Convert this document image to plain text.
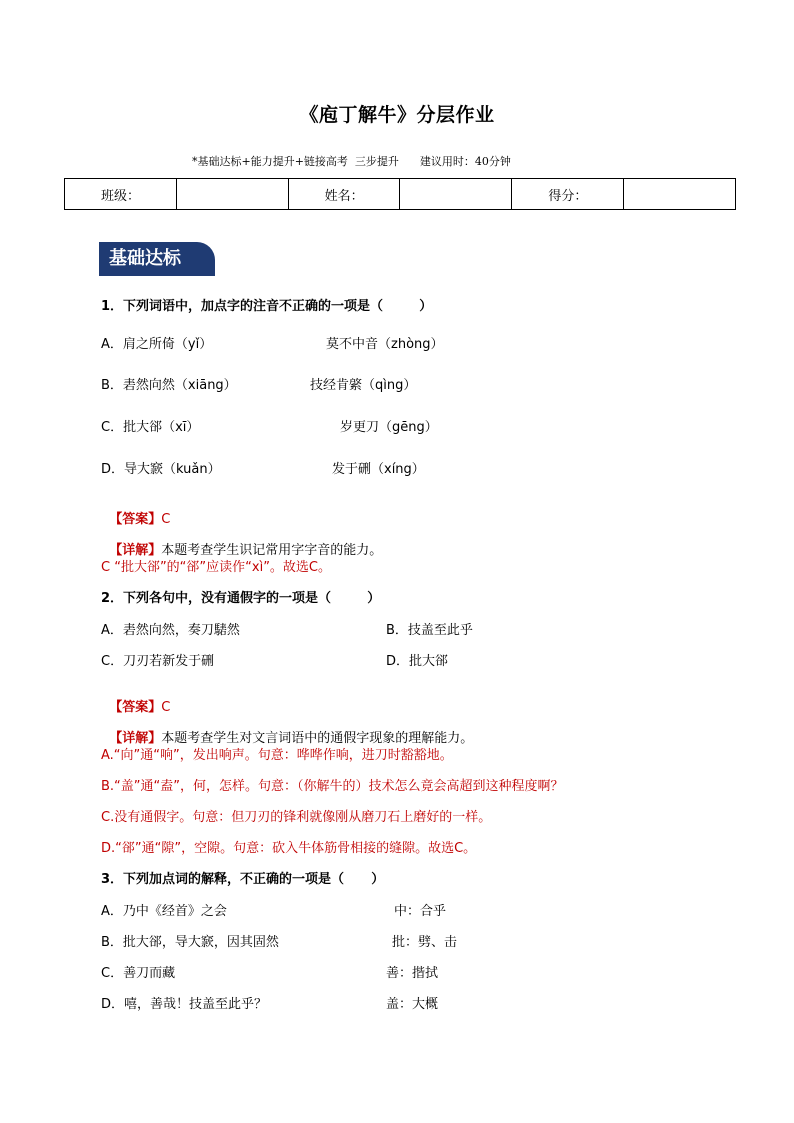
《庖丁解牛》分层作业
*基础达标+能力提升+链接高考  三步提升      建议用时：40分钟
班级：		姓名：		得分：	
基础达标
1．下列词语中，加点字的注音不正确的一项是（        ）
A．肩之所倚（yǐ）	莫不中音（zhòng）
B．砉然向然（xiāng）	技经肯綮（qìng）
C．批大郤（xī）	岁更刀（gēng）
D．导大窾（kuǎn）	发于硎（xíng）

【答案】C

【详解】本题考查学生识记常用字字音的能力。

C “批大郤”的“郤”应读作“xì”。故选C。
2．下列各句中，没有通假字的一项是（        ）
A．砉然向然，奏刀騞然	B．技盖至此乎
C．刀刃若新发于硎	D．批大郤

【答案】C

【详解】本题考查学生对文言词语中的通假字现象的理解能力。

A.“向”通“响”，发出响声。句意：哗哗作响，进刀时豁豁地。
B.“盖”通“盍”，何，怎样。句意：（你解牛的）技术怎么竟会高超到这种程度啊？
C.没有通假字。句意：但刀刃的锋利就像刚从磨刀石上磨好的一样。
D.“郤”通“隙”，空隙。句意：砍入牛体筋骨相接的缝隙。故选C。
3．下列加点词的解释，不正确的一项是（      ）
A．乃中《经首》之会	中：合乎
B．批大郤，导大窾，因其固然	批：劈、击
C．善刀而藏	善：揩拭
D．嘻，善哉！技盖至此乎？	盖：大概
